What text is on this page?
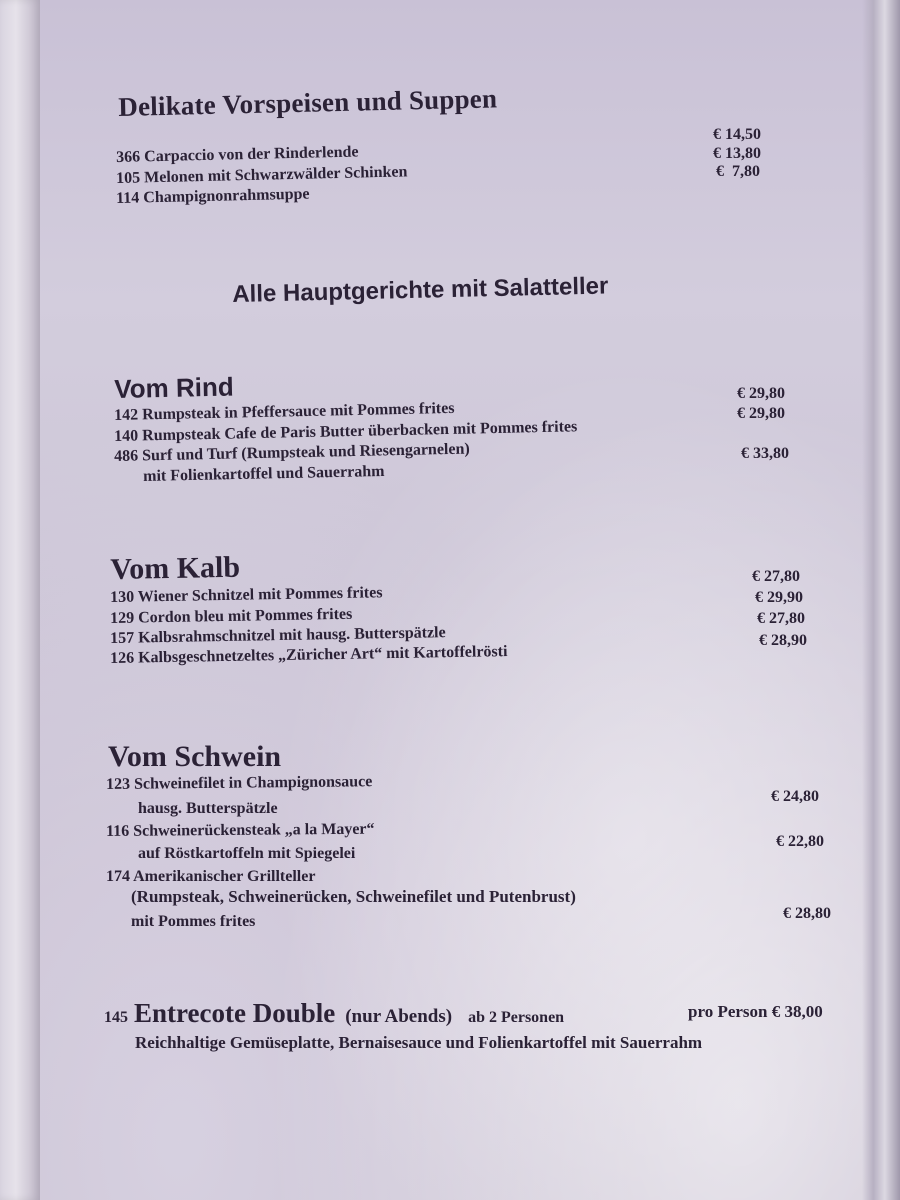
Delikate Vorspeisen und Suppen
366 Carpaccio von der Rinderlende
105 Melonen mit Schwarzwälder Schinken
114 Champignonrahmsuppe
€ 14,50
€ 13,80
€  7,80
Alle Hauptgerichte mit Salatteller
Vom Rind
142 Rumpsteak in Pfeffersauce mit Pommes frites
140 Rumpsteak Cafe de Paris Butter überbacken mit Pommes frites
486 Surf und Turf (Rumpsteak und Riesengarnelen)
mit Folienkartoffel und Sauerrahm
€ 29,80
€ 29,80
€ 33,80
Vom Kalb
130 Wiener Schnitzel mit Pommes frites
129 Cordon bleu mit Pommes frites
157 Kalbsrahmschnitzel mit hausg. Butterspätzle
126 Kalbsgeschnetzeltes „Züricher Art“ mit Kartoffelrösti
€ 27,80
€ 29,90
€ 27,80
€ 28,90
Vom Schwein
123 Schweinefilet in Champignonsauce
hausg. Butterspätzle
116 Schweinerückensteak „a la Mayer“
auf Röstkartoffeln mit Spiegelei
174 Amerikanischer Grillteller
(Rumpsteak, Schweinerücken, Schweinefilet und Putenbrust)
mit Pommes frites
€ 24,80
€ 22,80
€ 28,80
145 Entrecote Double (nur Abends) ab 2 Personen	pro Person € 38,00
Reichhaltige Gemüseplatte, Bernaisesauce und Folienkartoffel mit Sauerrahm
